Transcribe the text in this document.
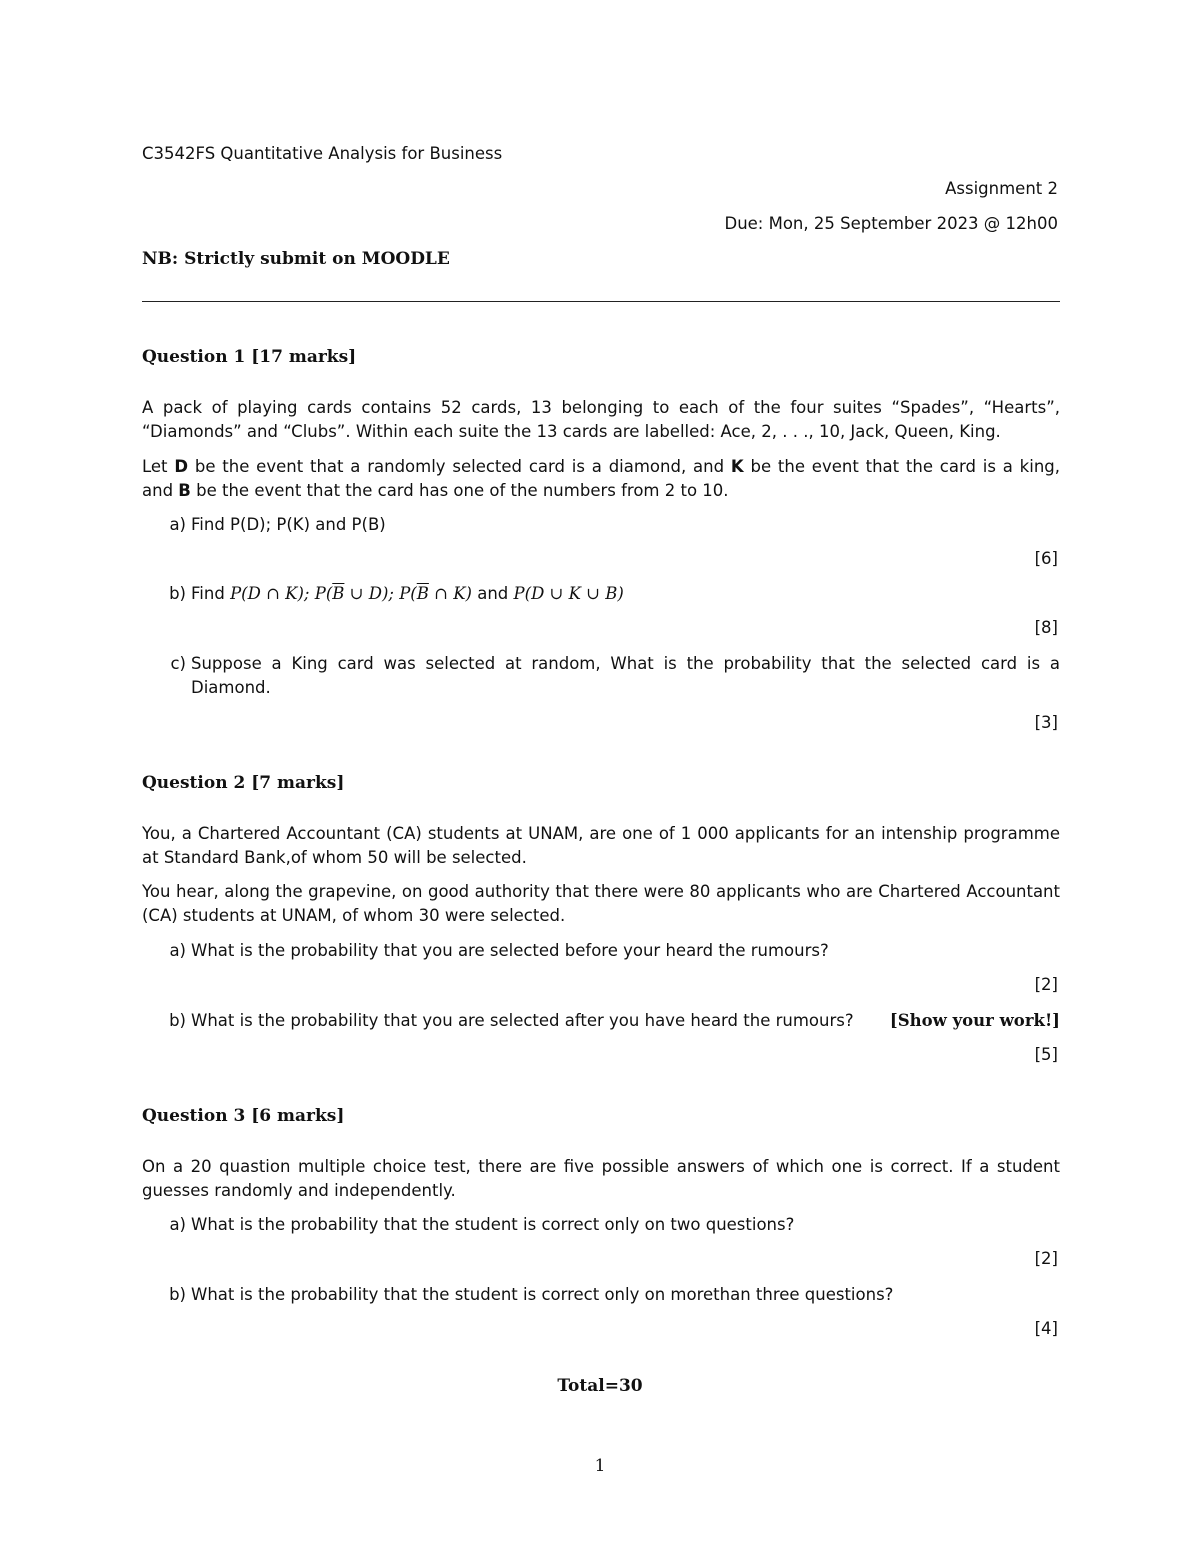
C3542FS Quantitative Analysis for Business
Assignment 2
Due: Mon, 25 September 2023 @ 12h00
NB: Strictly submit on MOODLE
Question 1 [17 marks]
A pack of playing cards contains 52 cards, 13 belonging to each of the four suites “Spades”, “Hearts”, “Diamonds” and “Clubs”. Within each suite the 13 cards are labelled: Ace, 2, . . ., 10, Jack, Queen, King.
Let D be the event that a randomly selected card is a diamond, and K be the event that the card is a king, and B be the event that the card has one of the numbers from 2 to 10.
a) Find P(D); P(K) and P(B)
[6]
b) Find P(D ∩ K); $P(\overline{B}$ ∪ D); $P(\overline{B}$ ∩ K) and P(D ∪ K ∪ B)
[8]
c) Suppose a King card was selected at random, What is the probability that the selected card is a Diamond.
[3]
Question 2 [7 marks]
You, a Chartered Accountant (CA) students at UNAM, are one of 1 000 applicants for an intenship programme at Standard Bank,of whom 50 will be selected.
You hear, along the grapevine, on good authority that there were 80 applicants who are Chartered Accountant (CA) students at UNAM, of whom 30 were selected.
a) What is the probability that you are selected before your heard the rumours?
[2]
b) What is the probability that you are selected after you have heard the rumours? [Show your work!]
[5]
Question 3 [6 marks]
On a 20 quastion multiple choice test, there are five possible answers of which one is correct. If a student guesses randomly and independently.
a) What is the probability that the student is correct only on two questions?
[2]
b) What is the probability that the student is correct only on morethan three questions?
[4]
Total=30
1
